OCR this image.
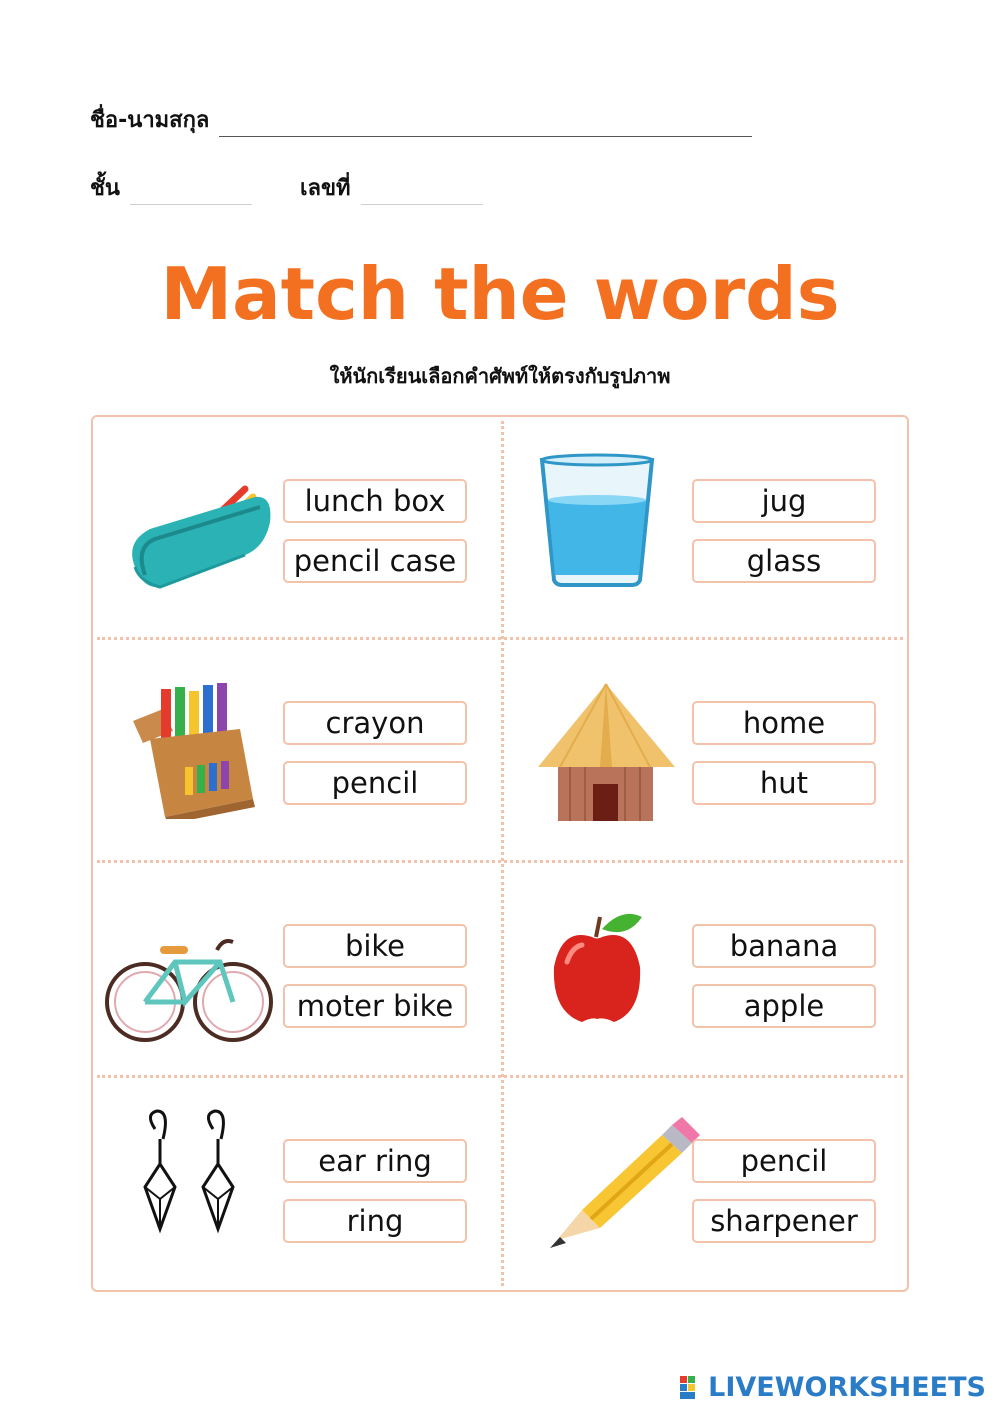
ชื่อ-นามสกุล
ชั้น	เลขที่
Match the words
ให้นักเรียนเลือกคำศัพท์ให้ตรงกับรูปภาพ
lunch box
pencil case
jug
glass
crayon
pencil
home
hut
bike
moter bike
banana
apple
ear ring
ring
pencil
sharpener
LIVEWORKSHEETS
